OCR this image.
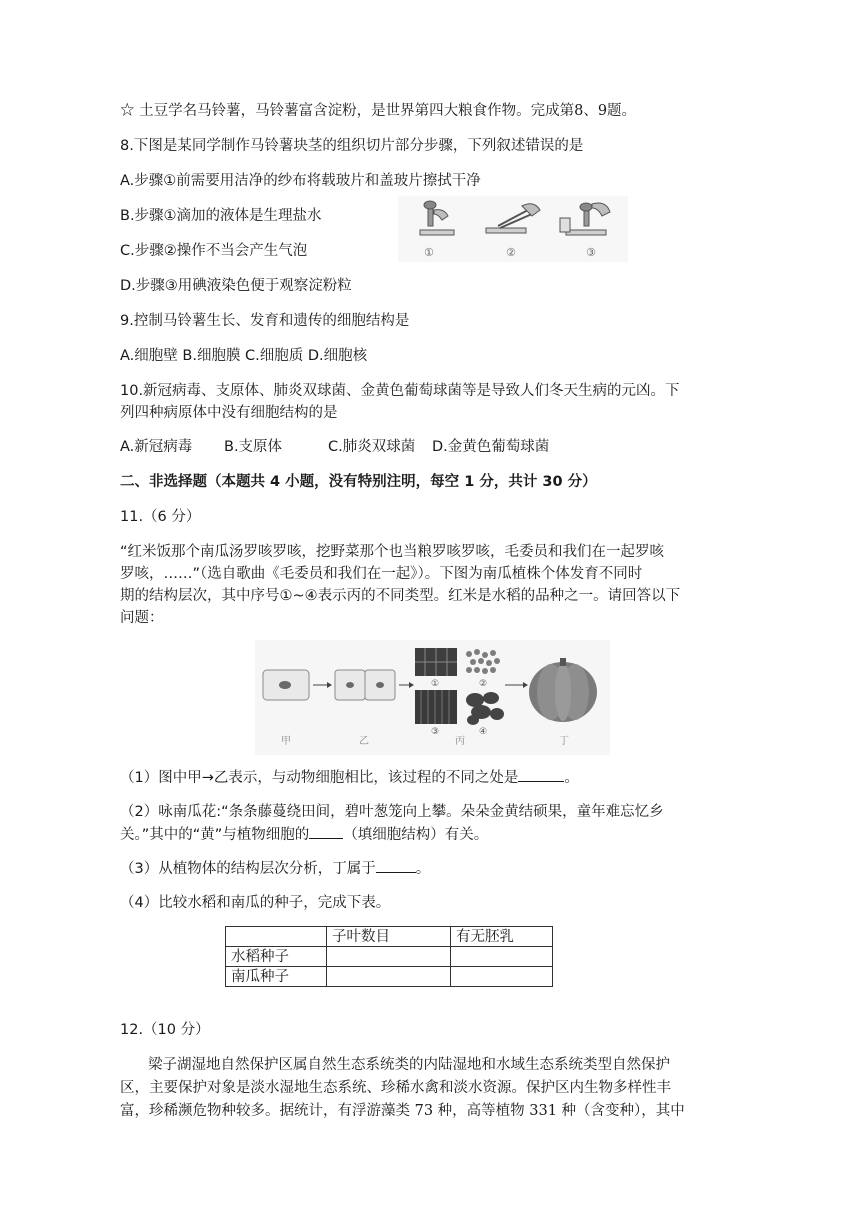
☆ 土豆学名马铃薯，马铃薯富含淀粉，是世界第四大粮食作物。完成第8、9题。
8.下图是某同学制作马铃薯块茎的组织切片部分步骤，下列叙述错误的是
A.步骤①前需要用洁净的纱布将载玻片和盖玻片擦拭干净
B.步骤①滴加的液体是生理盐水
C.步骤②操作不当会产生气泡
D.步骤③用碘液染色便于观察淀粉粒
①	②	③
9.控制马铃薯生长、发育和遗传的细胞结构是
A.细胞壁 B.细胞膜 C.细胞质 D.细胞核
10.新冠病毒、支原体、肺炎双球菌、金黄色葡萄球菌等是导致人们冬天生病的元凶。下
列四种病原体中没有细胞结构的是
A.新冠病毒 B.支原体	C.肺炎双球菌 D.金黄色葡萄球菌
二、非选择题（本题共 4 小题，没有特别注明，每空 1 分，共计 30 分）
11.（6 分）
“红米饭那个南瓜汤罗咳罗咳，挖野菜那个也当粮罗咳罗咳，毛委员和我们在一起罗咳
罗咳，……”（选自歌曲《毛委员和我们在一起》）。下图为南瓜植株个体发育不同时
期的结构层次，其中序号①~④表示丙的不同类型。红米是水稻的品种之一。请回答以下
问题：
甲	乙	丙	丁
①	②
③	④
（1）图中甲→乙表示，与动物细胞相比，该过程的不同之处是	。
（2）咏南瓜花:“条条藤蔓绕田间，碧叶葱笼向上攀。朵朵金黄结硕果，童年难忘忆乡
关。”其中的“黄”与植物细胞的 （填细胞结构）有关。
（3）从植物体的结构层次分析，丁属于	。
（4）比较水稻和南瓜的种子，完成下表。
	子叶数目	有无胚乳
水稻种子		
南瓜种子		
12.（10 分）
梁子湖湿地自然保护区属自然生态系统类的内陆湿地和水域生态系统类型自然保护
区，主要保护对象是淡水湿地生态系统、珍稀水禽和淡水资源。保护区内生物多样性丰
富，珍稀濒危物种较多。据统计，有浮游藻类 73 种，高等植物 331 种（含变种），其中
